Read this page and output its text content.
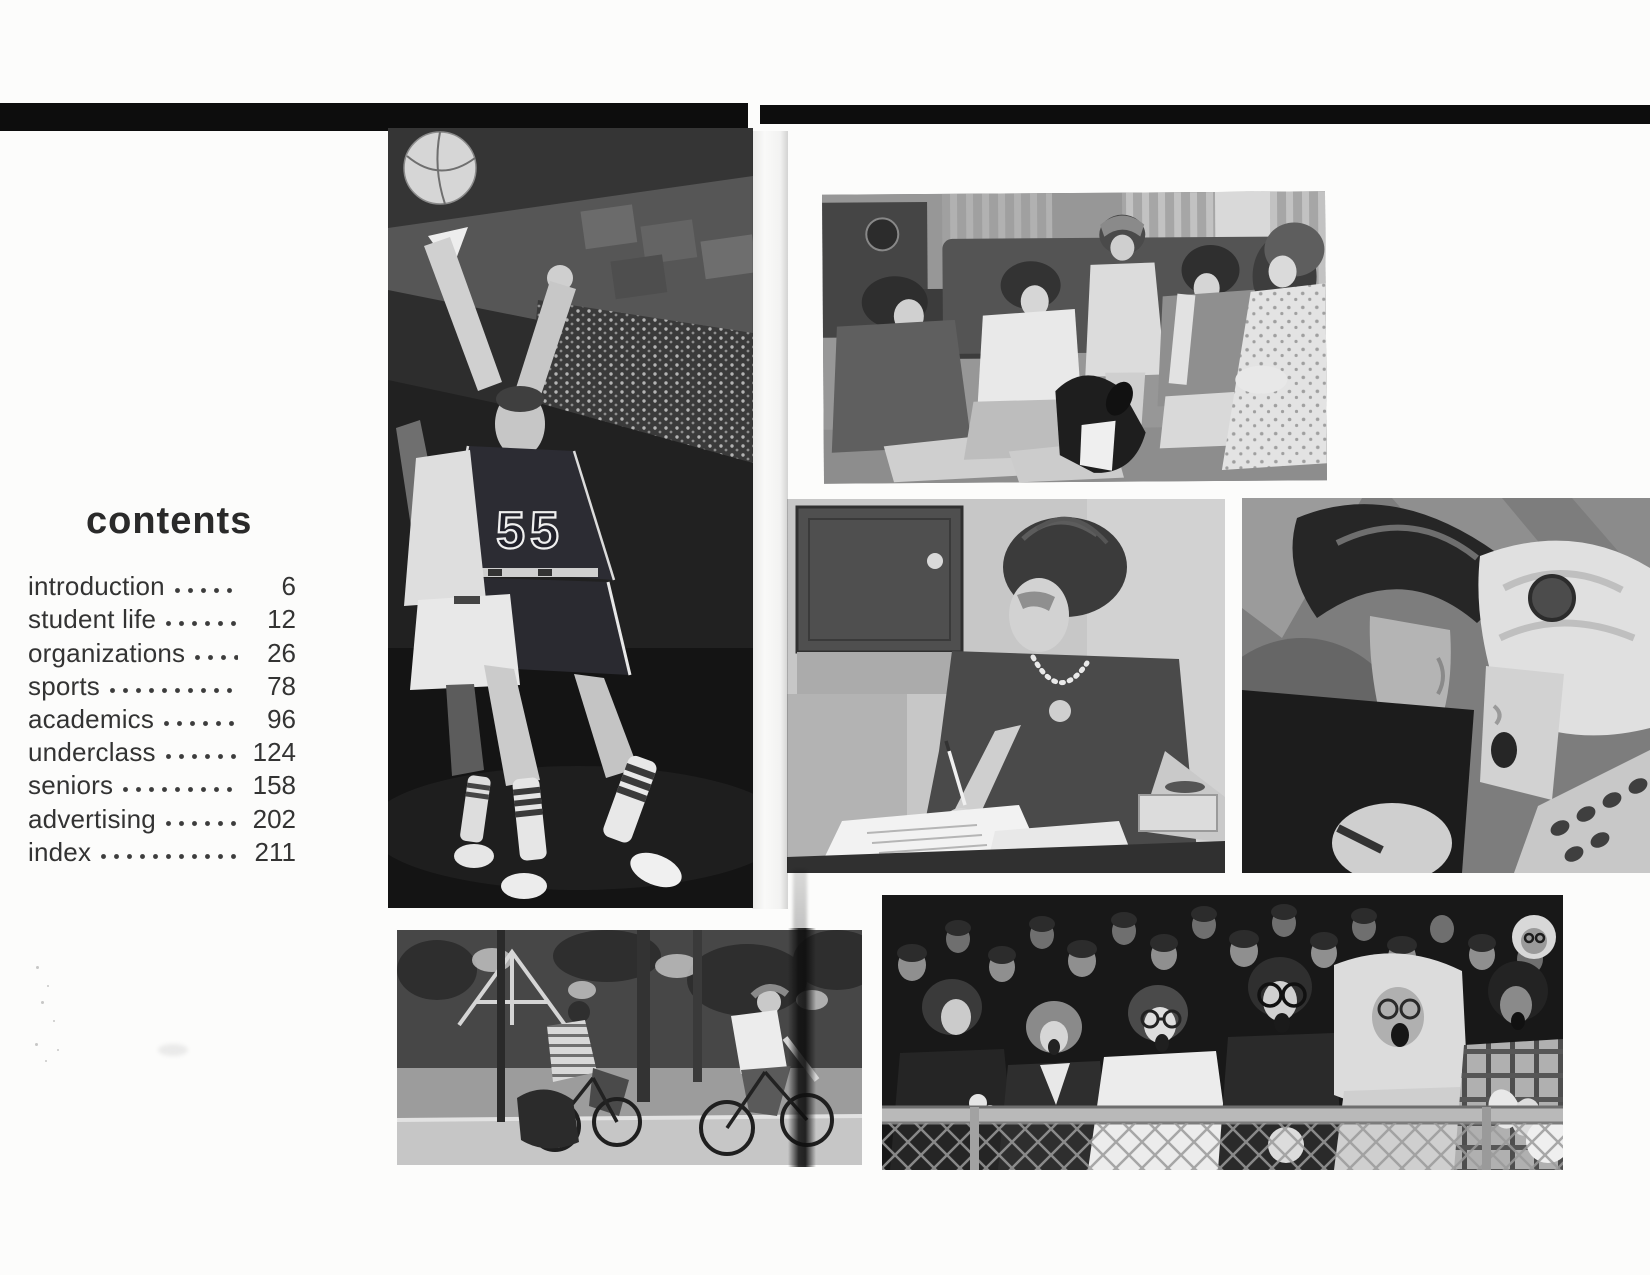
contents
introduction	6
student life	12
organizations	26
sports	78
academics	96
underclass	124
seniors	158
advertising	202
index	211
55
